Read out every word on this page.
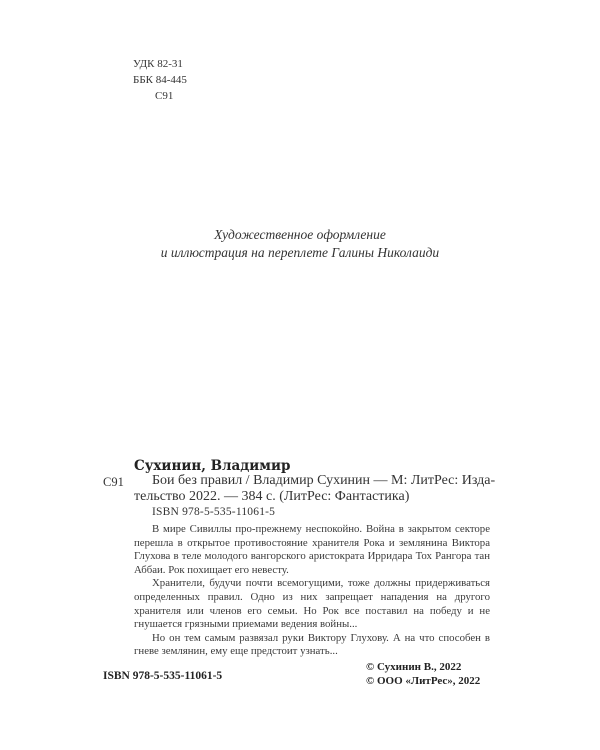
УДК 82-31
ББК 84-445
С91
Художественное оформление
и иллюстрация на переплете Галины Николаиди
Сухинин, Владимир
С91	Бои без правил / Владимир Сухинин — М: ЛитРес: Изда-
тельство 2022. — 384 с. (ЛитРес: Фантастика)
ISBN 978-5-535-11061-5

В мире Сивиллы про-прежнему неспокойно. Война в закрытом секторе перешла в открытое противостояние хранителя Рока и землянина Виктора Глухова в теле молодого вангорского аристократа Ирридара Тох Рангора тан Аббаи. Рок похищает его невесту.

Хранители, будучи почти всемогущими, тоже должны придерживаться определенных правил. Одно из них запрещает нападения на другого хранителя или членов его семьи. Но Рок все поставил на победу и не гнушается грязными приемами ведения войны...

Но он тем самым развязал руки Виктору Глухову. А на что способен в гневе землянин, ему еще предстоит узнать...

ISBN 978-5-535-11061-5
© Сухинин В., 2022
© ООО «ЛитРес», 2022
